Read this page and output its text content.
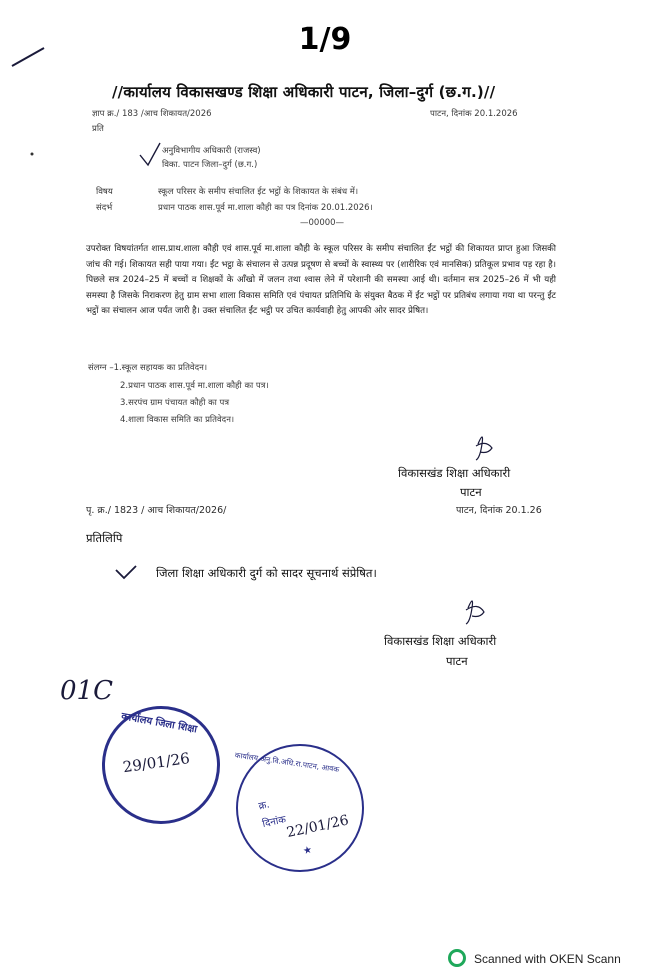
1/9
//कार्यालय विकासखण्ड शिक्षा अधिकारी पाटन, जिला–दुर्ग (छ.ग.)//
ज्ञाप क्र./ 183 /आच शिकायत/2026	पाटन, दिनांक 20.1.2026
प्रति
अनुविभागीय अधिकारी (राजस्व)
विका. पाटन जिला–दुर्ग (छ.ग.)
विषय	स्कूल परिसर के समीप संचालित ईट भट्ठों के शिकायत के संबंध में।
संदर्भ	प्रधान पाठक शास.पूर्व मा.शाला कौही का पत्र दिनांक 20.01.2026।
—00000—
उपरोक्त विषयांतर्गत शास.प्राथ.शाला कौही एवं शास.पूर्व मा.शाला कौही के स्कूल परिसर के समीप संचालित ईंट भट्ठों की शिकायत प्राप्त हुआ जिसकी जांच की गई। शिकायत सही पाया गया। ईंट भट्ठा के संचालन से उत्पन्न प्रदूषण से बच्चों के स्वास्थ्य पर (शारीरिक एवं मानसिक) प्रतिकूल प्रभाव पड़ रहा है। पिछले सत्र 2024–25 में बच्चों व शिक्षकों के आँखो में जलन तथा श्वास लेने में परेशानी की समस्या आई थी। वर्तमान सत्र 2025–26 में भी यही समस्या है जिसके निराकरण हेतु ग्राम सभा शाला विकास समिति एवं पंचायत प्रतिनिधि के संयुक्त बैठक में ईंट भट्ठों पर प्रतिबंध लगाया गया था परन्तु ईंट भट्ठों का संचालन आज पर्यंत जारी है। उक्त संचालित ईंट भट्ठी पर उचित कार्यवाही हेतु आपकी ओर सादर प्रेषित।
संलग्न –1.स्कूल सहायक का प्रतिवेदन।
2.प्रधान पाठक शास.पूर्व मा.शाला कौही का पत्र।
3.सरपंच ग्राम पंचायत कौही का पत्र
4.शाला विकास समिति का प्रतिवेदन।
विकासखंड शिक्षा अधिकारी
पाटन
पृ. क्र./ 1823 / आच शिकायत/2026/	पाटन, दिनांक 20.1.26
प्रतिलिपि
जिला शिक्षा अधिकारी दुर्ग को सादर सूचनार्थ संप्रेषित।
विकासखंड शिक्षा अधिकारी
पाटन
01C
कार्यालय जिला शिक्षा
29/01/26	कार्यालय अनु.वि.अधि.रा.पाटन, आवक
क्र.
दिनांक
22/01/26
★
Scanned with OKEN Scann
